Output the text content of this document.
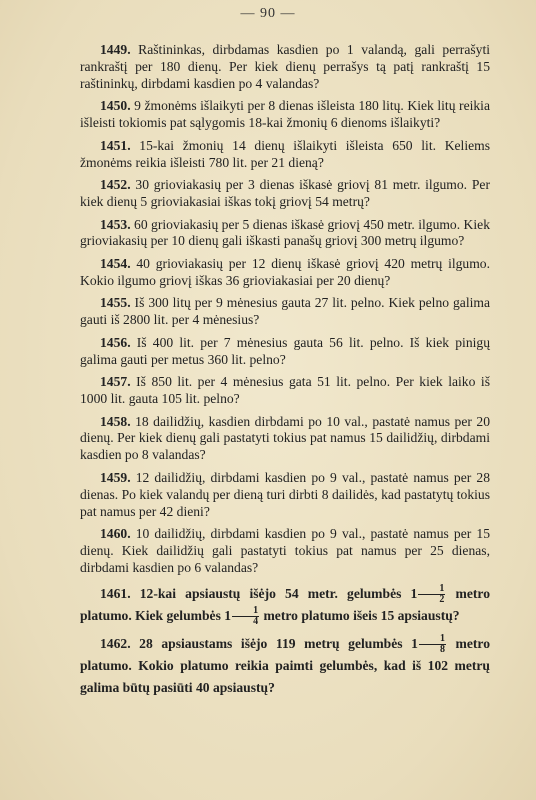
— 90 —

1449. Raštininkas, dirbdamas kasdien po 1 valandą, gali perrašyti rankraštį per 180 dienų. Per kiek dienų perrašys tą patį rankraštį 15 raštininkų, dirbdami kasdien po 4 valandas?

1450. 9 žmonėms išlaikyti per 8 dienas išleista 180 litų. Kiek litų reikia išleisti tokiomis pat sąlygomis 18-kai žmonių 6 dienoms išlaikyti?

1451. 15-kai žmonių 14 dienų išlaikyti išleista 650 lit. Keliems žmonėms reikia išleisti 780 lit. per 21 dieną?

1452. 30 grioviakasių per 3 dienas iškasė griovį 81 metr. ilgumo. Per kiek dienų 5 grioviakasiai iškas tokį griovį 54 metrų?

1453. 60 grioviakasių per 5 dienas iškasė griovį 450 metr. ilgumo. Kiek grioviakasių per 10 dienų gali iškasti panašų griovį 300 metrų ilgumo?

1454. 40 grioviakasių per 12 dienų iškasė griovį 420 metrų ilgumo. Kokio ilgumo griovį iškas 36 grioviakasiai per 20 dienų?

1455. Iš 300 litų per 9 mėnesius gauta 27 lit. pelno. Kiek pelno galima gauti iš 2800 lit. per 4 mėnesius?

1456. Iš 400 lit. per 7 mėnesius gauta 56 lit. pelno. Iš kiek pinigų galima gauti per metus 360 lit. pelno?

1457. Iš 850 lit. per 4 mėnesius gata 51 lit. pelno. Per kiek laiko iš 1000 lit. gauta 105 lit. pelno?

1458. 18 dailidžių, kasdien dirbdami po 10 val., pastatė namus per 20 dienų. Per kiek dienų gali pastatyti tokius pat namus 15 dailidžių, dirbdami kasdien po 8 valandas?

1459. 12 dailidžių, dirbdami kasdien po 9 val., pastatė namus per 28 dienas. Po kiek valandų per dieną turi dirbti 8 dailidės, kad pastatytų tokius pat namus per 42 dieni?

1460. 10 dailidžių, dirbdami kasdien po 9 val., pastatė namus per 15 dienų. Kiek dailidžių gali pastatyti tokius pat namus per 25 dienas, dirbdami kasdien po 6 valandas?

1461. 12-kai apsiaustų išėjo 54 metr. gelumbės $1 \frac{1}{2}$ metro platumo. Kiek gelumbės $1 \frac{1}{4}$ metro platumo išeis 15 apsiaustų?

1462. 28 apsiaustams išėjo 119 metrų gelumbės $1 \frac{1}{8}$ metro platumo. Kokio platumo reikia paimti gelumbės, kad iš 102 metrų galima būtų pasiūti 40 apsiaustų?
